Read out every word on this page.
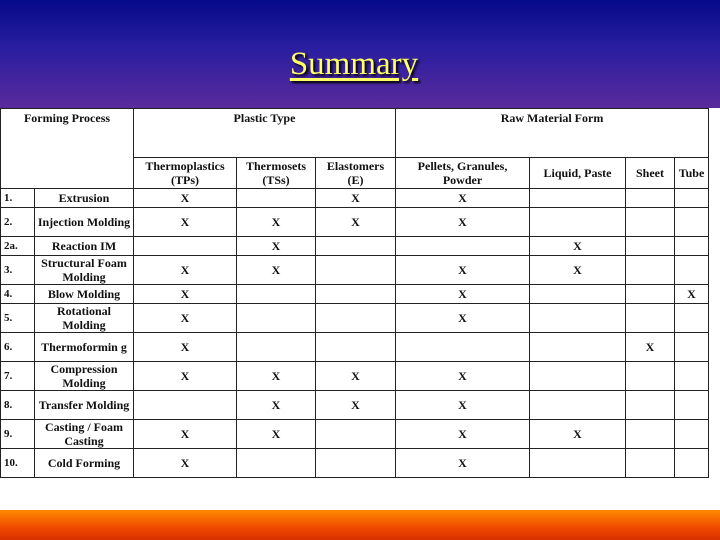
Summary
Forming Process		Plastic Type			Raw Material Form			
		Thermoplastics (TPs)	Thermosets (TSs)	Elastomers (E)	Pellets, Granules, Powder	Liquid, Paste	Sheet	Tube
1.	Extrusion	X		X	X			
2.	Injection Molding	X	X	X	X			
2a.	Reaction IM		X			X		
3.	Structural Foam Molding	X	X		X	X		
4.	Blow Molding	X			X			X
5.	Rotational Molding	X			X			
6.	Thermoformin g	X					X	
7.	Compression Molding	X	X	X	X			
8.	Transfer Molding		X	X	X			
9.	Casting / Foam Casting	X	X		X	X		
10.	Cold Forming	X			X			
